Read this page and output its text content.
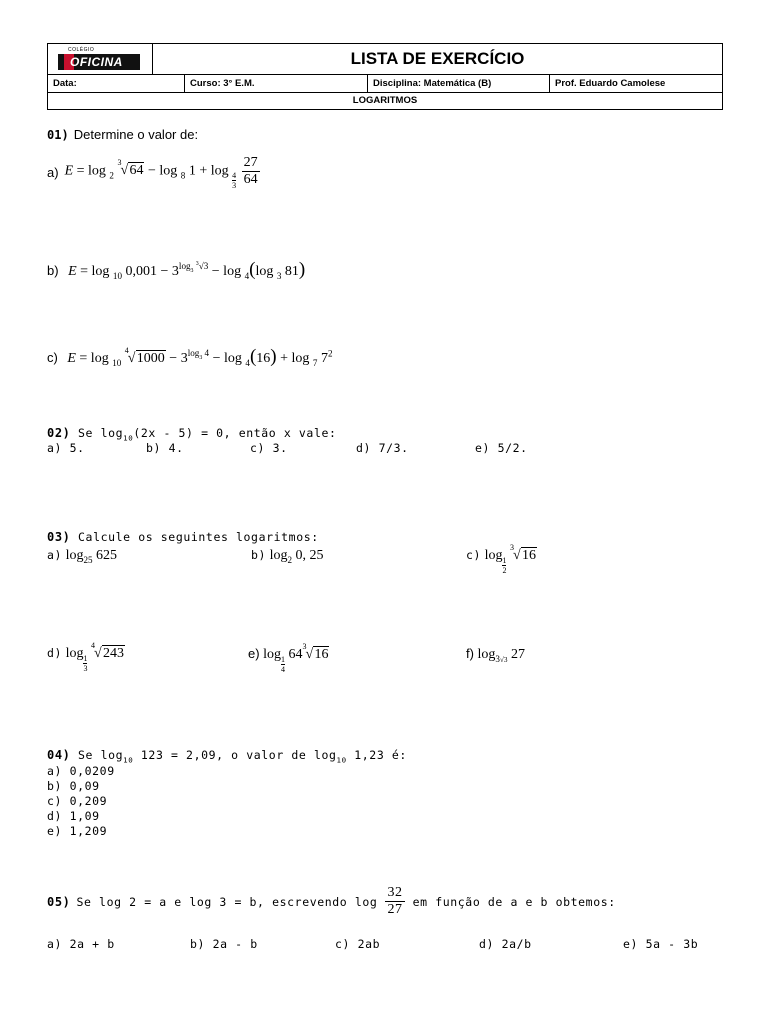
COLÉGIO
OFICINA	LISTA DE EXERCÍCIO
Data:	Curso: 3° E.M.	Disciplina: Matemática (B)	Prof. Eduardo Camolese
LOGARITMOS
01) Determine o valor de:
a) E = log $_2$
3
√ 64 − log $_8$ $1 + \log \frac{4}{3}$
$\frac{27}{64}$
b) E = log $_{10}$ $0,001 - 3^{log_3 ^3√3} - \log _4(\log$ $_3$ 81)
c) E = log $_{10}$
4
√ $1000 - 3^{log_3 4} - \log _4(16) + \log _7$ $7^2$
02) Se $\log_{10}(2x - 5) = 0$, então x vale:
a) 5.	b) 4.	c) 3.	d) 7/3.	e) 5/2.
03) Calcule os seguintes logaritmos:
a) $\log_{25} 625$	b) $\log_2 0$, 25	c) $\log\frac{1}{2}$

3
√ 16
d) $\log\frac{1}{3}$

4
√ 243	e) $\log\frac{1}{4}$
64
3
√ 16	f) $\log_{3√3} 27$
04) Se $\log_{10} 123 = 2,09$, o valor de $\log_{10} 1,23$ é:
a) 0,0209
b) 0,09
c) 0,209
d) 1,09
e) 1,209
05) Se log 2 = a e log 3 = b, escrevendo $\log \frac{32}{27}$ em função de a e b obtemos:
a) 2a + b	b) 2a - b	c) 2ab	d) 2a/b	e) 5a - 3b
